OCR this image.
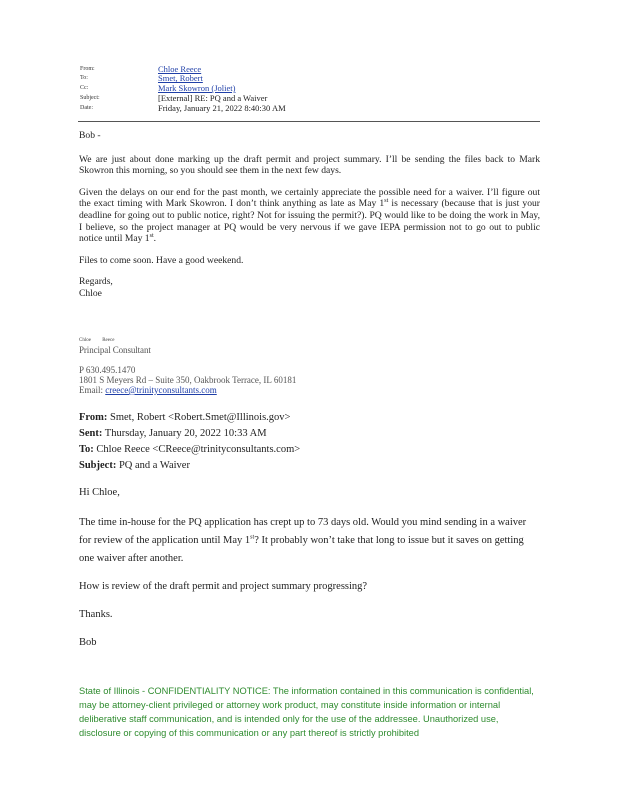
From:	Chloe Reece
To:	Smet, Robert
Cc:	Mark Skowron (Joliet)
Subject:	[External] RE: PQ and a Waiver
Date:	Friday, January 21, 2022 8:40:30 AM

Bob -

We are just about done marking up the draft permit and project summary. I’ll be sending the files back to Mark Skowron this morning, so you should see them in the next few days.

Given the delays on our end for the past month, we certainly appreciate the possible need for a waiver. I’ll figure out the exact timing with Mark Skowron. I don’t think anything as late as May 1st is necessary (because that is just your deadline for going out to public notice, right? Not for issuing the permit?). PQ would like to be doing the work in May, I believe, so the project manager at PQ would be very nervous if we gave IEPA permission not to go out to public notice until May 1st.

Files to come soon. Have a good weekend.

Regards,

Chloe

Chloe Reece
Principal Consultant
P 630.495.1470
1801 S Meyers Rd – Suite 350, Oakbrook Terrace, IL 60181
Email: creece@trinityconsultants.com
From: Smet, Robert <Robert.Smet@Illinois.gov>
Sent: Thursday, January 20, 2022 10:33 AM
To: Chloe Reece <CReece@trinityconsultants.com>
Subject: PQ and a Waiver
Hi Chloe,
The time in-house for the PQ application has crept up to 73 days old. Would you mind sending in a waiver for review of the application until May 1st? It probably won’t take that long to issue but it saves on getting one waiver after another.
How is review of the draft permit and project summary progressing?
Thanks.
Bob
State of Illinois - CONFIDENTIALITY NOTICE: The information contained in this communication is confidential, may be attorney-client privileged or attorney work product, may constitute inside information or internal deliberative staff communication, and is intended only for the use of the addressee. Unauthorized use, disclosure or copying of this communication or any part thereof is strictly prohibited
